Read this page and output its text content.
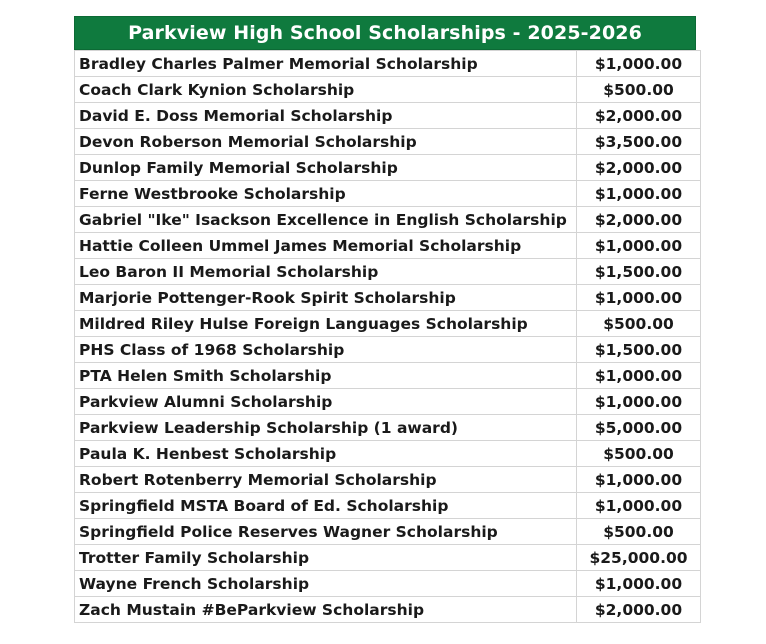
Parkview High School Scholarships - 2025-2026
Bradley Charles Palmer Memorial Scholarship	$1,000.00
Coach Clark Kynion Scholarship	$500.00
David E. Doss Memorial Scholarship	$2,000.00
Devon Roberson Memorial Scholarship	$3,500.00
Dunlop Family Memorial Scholarship	$2,000.00
Ferne Westbrooke Scholarship	$1,000.00
Gabriel "Ike" Isackson Excellence in English Scholarship	$2,000.00
Hattie Colleen Ummel James Memorial Scholarship	$1,000.00
Leo Baron II Memorial Scholarship	$1,500.00
Marjorie Pottenger-Rook Spirit Scholarship	$1,000.00
Mildred Riley Hulse Foreign Languages Scholarship	$500.00
PHS Class of 1968 Scholarship	$1,500.00
PTA Helen Smith Scholarship	$1,000.00
Parkview Alumni Scholarship	$1,000.00
Parkview Leadership Scholarship (1 award)	$5,000.00
Paula K. Henbest Scholarship	$500.00
Robert Rotenberry Memorial Scholarship	$1,000.00
Springfield MSTA Board of Ed. Scholarship	$1,000.00
Springfield Police Reserves Wagner Scholarship	$500.00
Trotter Family Scholarship	$25,000.00
Wayne French Scholarship	$1,000.00
Zach Mustain #BeParkview Scholarship	$2,000.00
